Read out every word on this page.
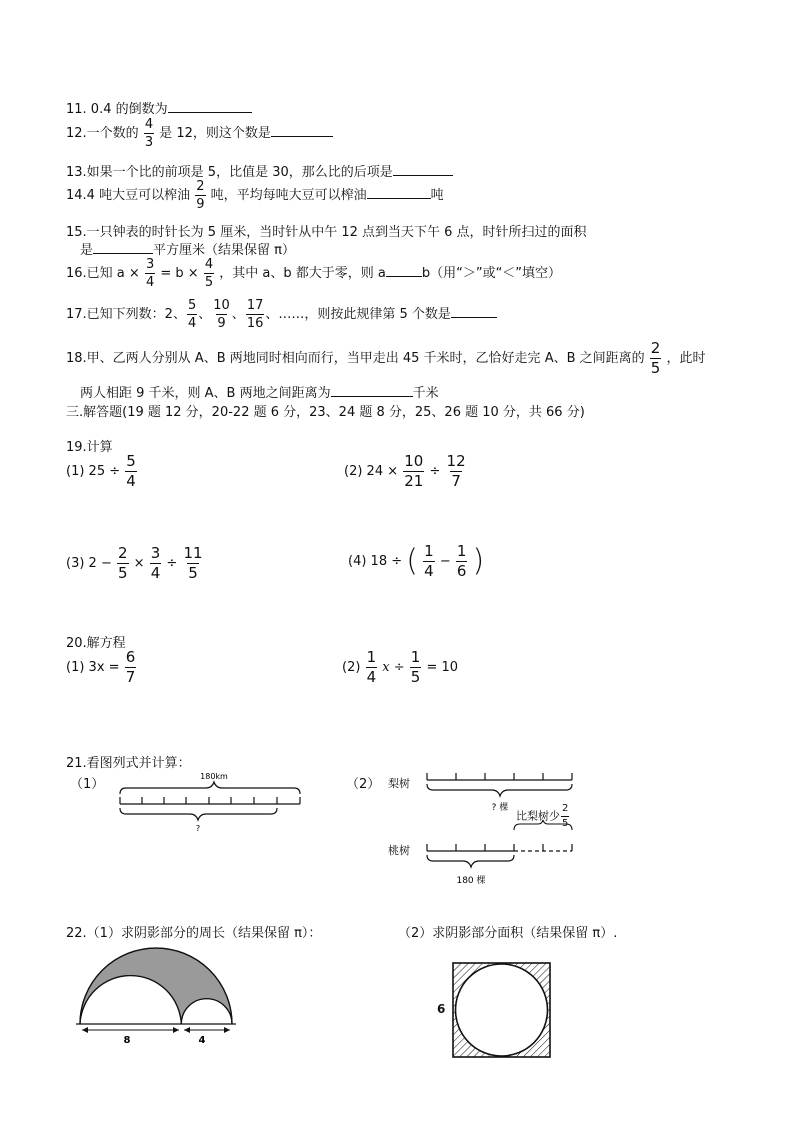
11. 0.4 的倒数为
12.一个数的 $\frac{4}{3}$ 是 12，则这个数是
13.如果一个比的前项是 5，比值是 30，那么比的后项是
14.4 吨大豆可以榨油 $\frac{2}{9}$ 吨，平均每吨大豆可以榨油	吨
15.一只钟表的时针长为 5 厘米，当时针从中午 12 点到当天下午 6 点，时针所扫过的面积
是	平方厘米（结果保留 π）
16.已知 $a \times \frac{3}{4} = b \times \frac{4}{5}$ ，其中 a、b 都大于零，则 a	b（用“＞”或“＜”填空）
17.已知下列数：2、 $\frac{5}{4}$ 、 $\frac{10}{9}$ 、 $\frac{17}{16}$ 、……，则按此规律第 5 个数是
18.甲、乙两人分别从 A、B 两地同时相向而行，当甲走出 45 千米时，乙恰好走完 A、B 之间距离的 $\frac{2}{5}$ ，此时
两人相距 9 千米，则 A、B 两地之间距离为	千米
三.解答题(19 题 12 分，20-22 题 6 分，23、24 题 8 分，25、26 题 10 分，共 66 分)
19.计算
(1) $25 \div \frac{5}{4}$	(2) $24 \times \frac{10}{21} \div \frac{12}{7}$
(3) $2 - \frac{2}{5} \times \frac{3}{4} \div \frac{11}{5}$	(4) 18 ÷ ( $\frac{1}{4} - \frac{1}{6}$ )
20.解方程
(1) $3x = \frac{6}{7}$	$(2) \frac{1}{4}$ $x \div \frac{1}{5} = 10$
21.看图列式并计算：
（1）	（2）
180km
?
梨树
桃树
比梨树少 $\frac{2}{5}$
? 棵
180 棵
22.（1）求阴影部分的周长（结果保留 π）：	（2）求阴影部分面积（结果保留 π）.
8	4
6
